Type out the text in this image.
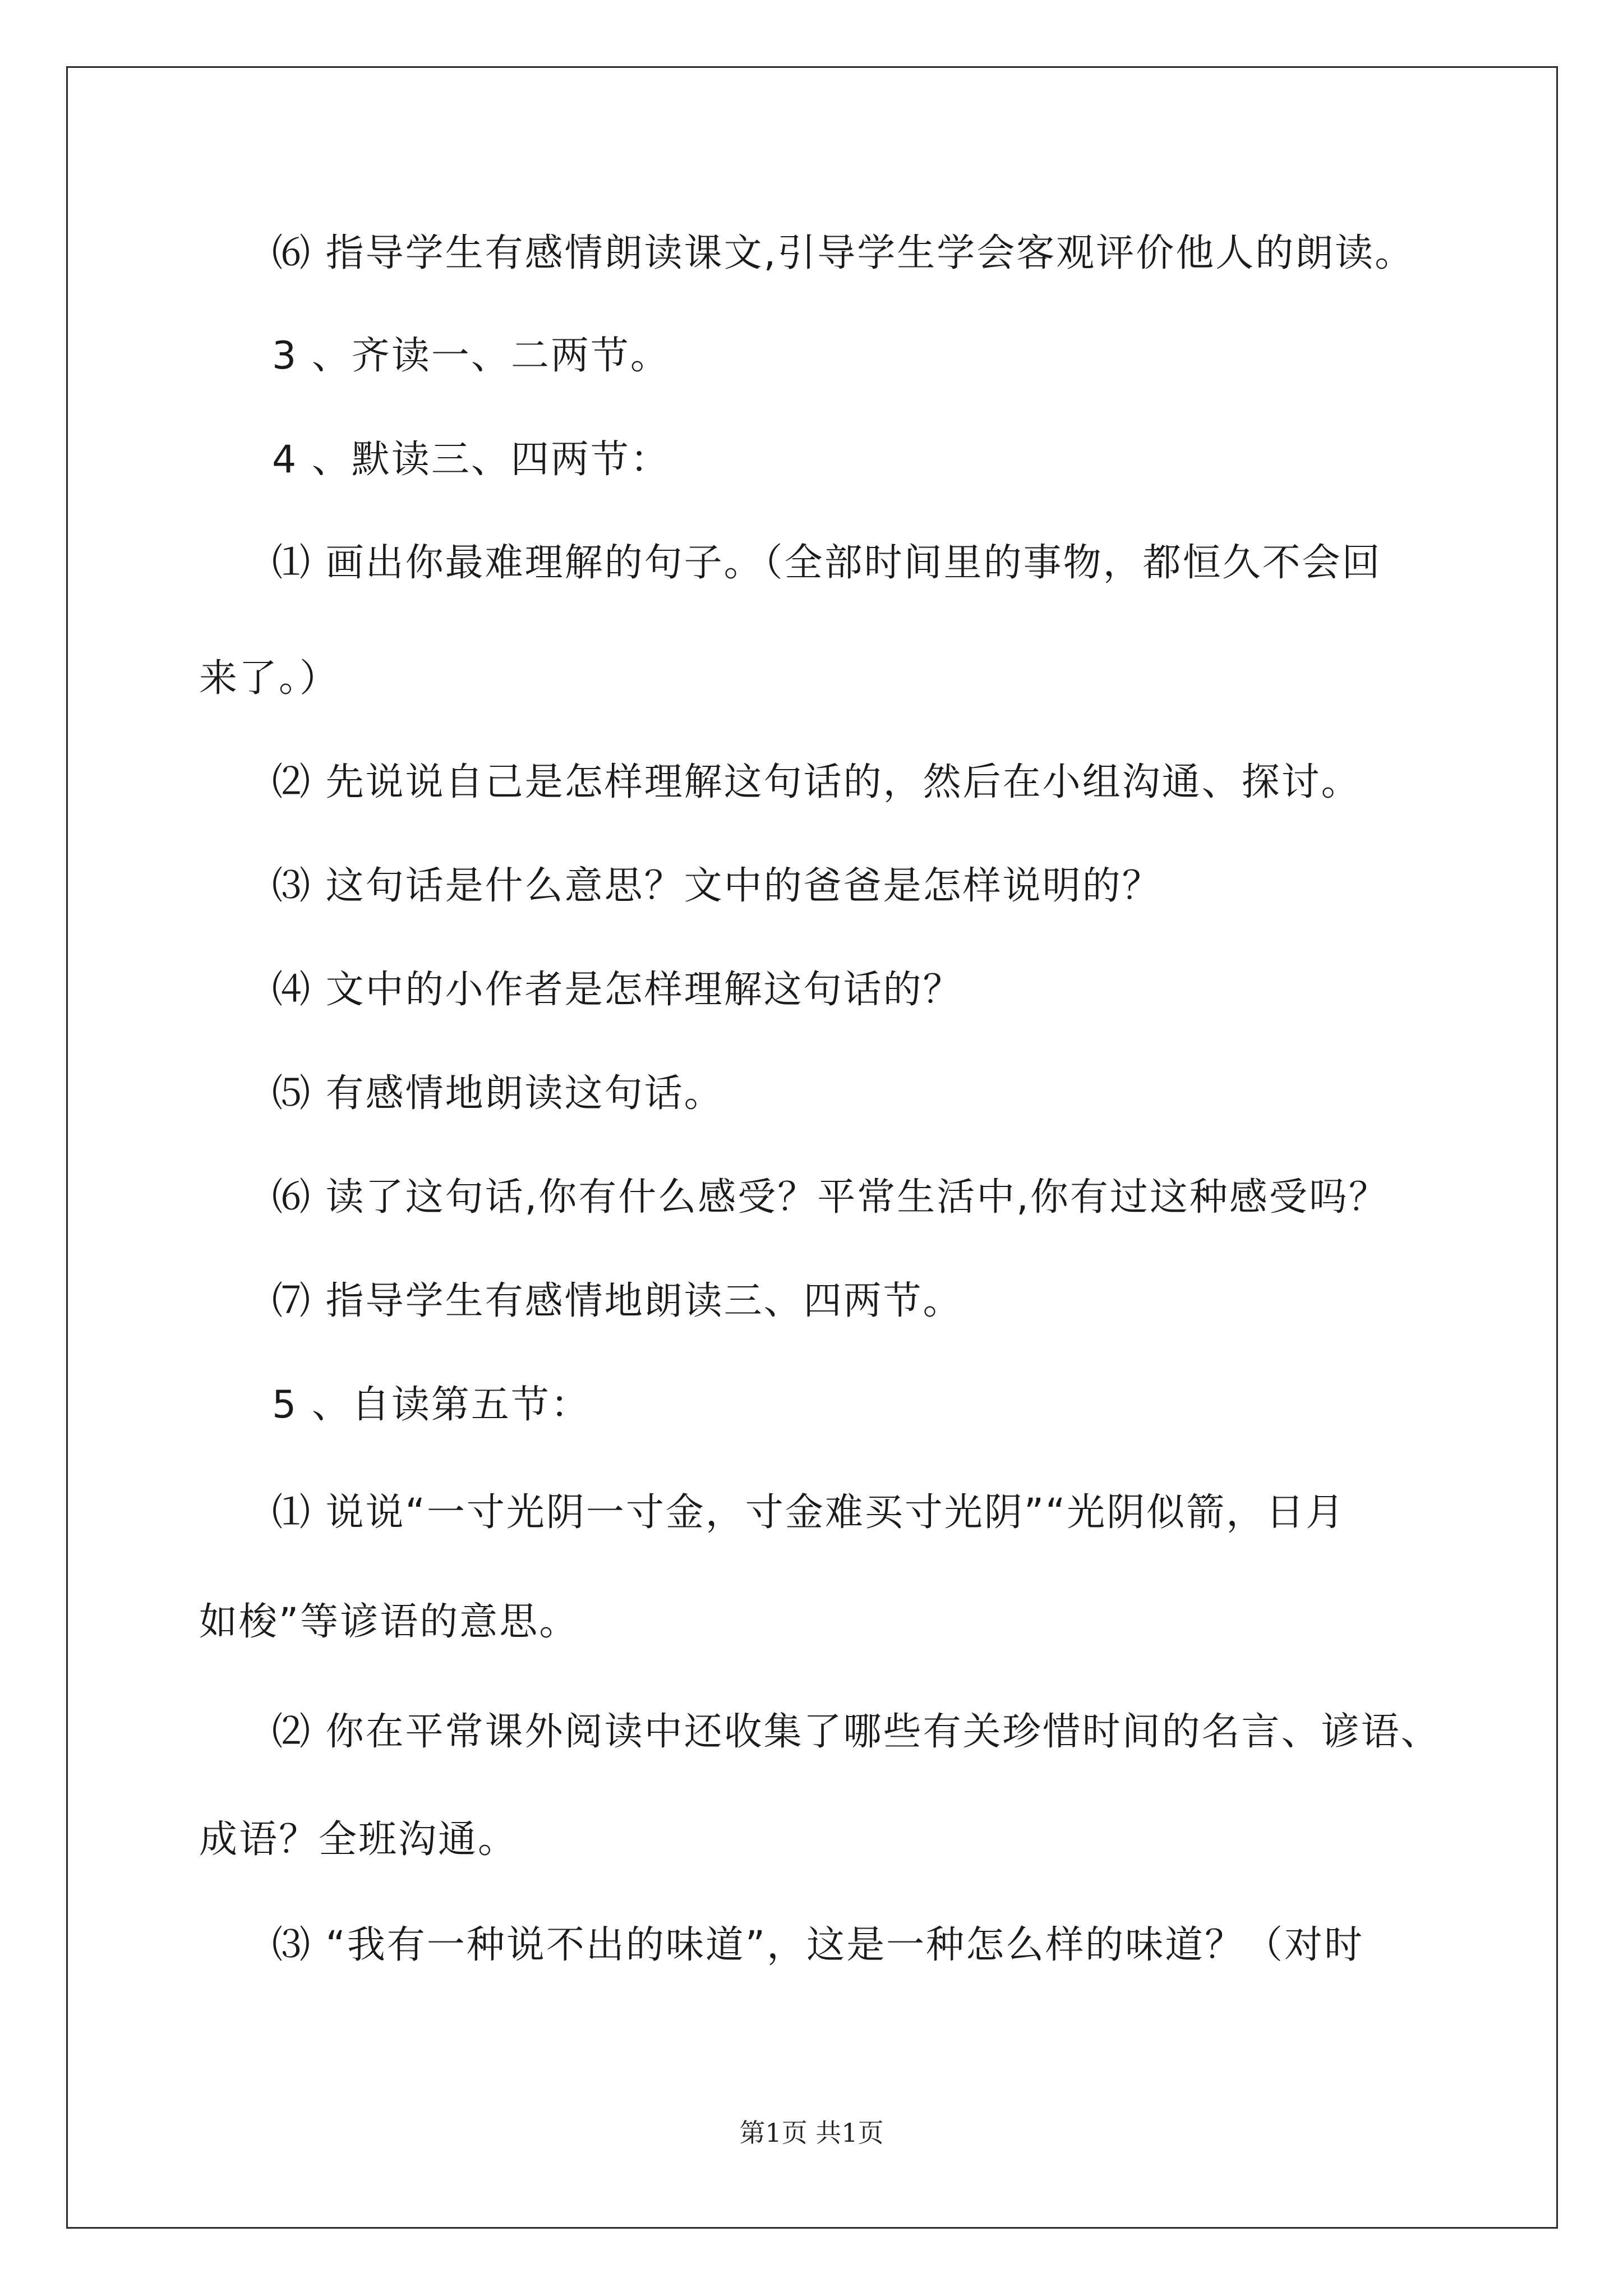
⑹ 指导学生有感情朗读课文,引导学生学会客观评价他人的朗读。
3 、齐读一、二两节。
4 、默读三、四两节：
⑴ 画出你最难理解的句子。（全部时间里的事物，都恒久不会回
来了。）
⑵ 先说说自己是怎样理解这句话的，然后在小组沟通、探讨。
⑶ 这句话是什么意思？文中的爸爸是怎样说明的？
⑷ 文中的小作者是怎样理解这句话的？
⑸ 有感情地朗读这句话。
⑹ 读了这句话,你有什么感受？平常生活中,你有过这种感受吗？
⑺ 指导学生有感情地朗读三、四两节。
5 、自读第五节：
⑴ 说说“一寸光阴一寸金，寸金难买寸光阴”“光阴似箭，日月
如梭”等谚语的意思。
⑵ 你在平常课外阅读中还收集了哪些有关珍惜时间的名言、谚语、
成语？全班沟通。
⑶ “我有一种说不出的味道”，这是一种怎么样的味道？（对时
第1页 共1页
